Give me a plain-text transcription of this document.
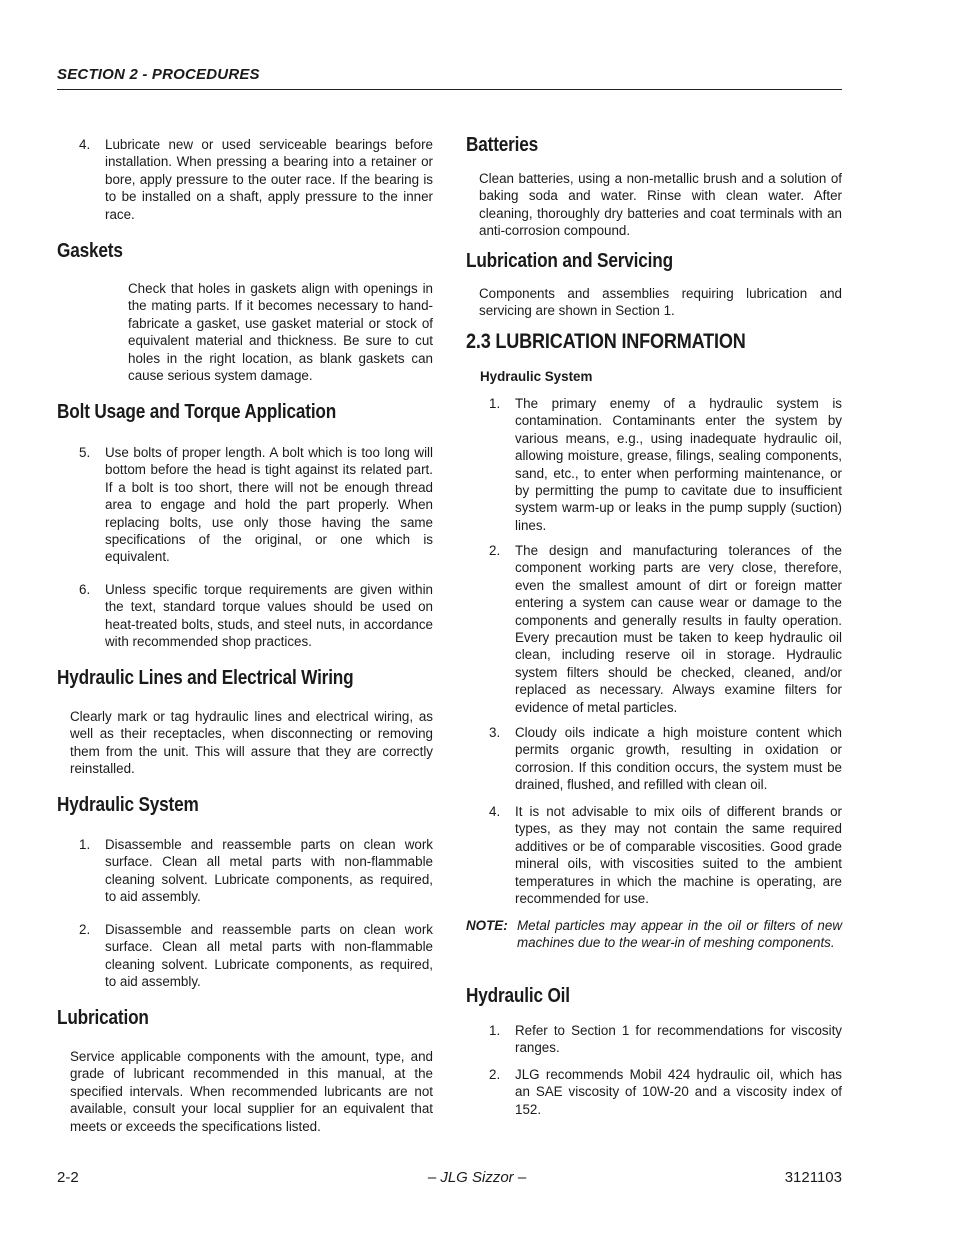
SECTION 2 - PROCEDURES
4. Lubricate new or used serviceable bearings before installation. When pressing a bearing into a retainer or bore, apply pressure to the outer race. If the bearing is to be installed on a shaft, apply pressure to the inner race.
Gaskets
Check that holes in gaskets align with openings in the mating parts. If it becomes necessary to hand-fabricate a gasket, use gasket material or stock of equivalent material and thickness. Be sure to cut holes in the right location, as blank gaskets can cause serious system damage.
Bolt Usage and Torque Application
5. Use bolts of proper length. A bolt which is too long will bottom before the head is tight against its related part. If a bolt is too short, there will not be enough thread area to engage and hold the part properly. When replacing bolts, use only those having the same specifications of the original, or one which is equivalent.
6. Unless specific torque requirements are given within the text, standard torque values should be used on heat-treated bolts, studs, and steel nuts, in accordance with recommended shop practices.
Hydraulic Lines and Electrical Wiring
Clearly mark or tag hydraulic lines and electrical wiring, as well as their receptacles, when disconnecting or removing them from the unit. This will assure that they are correctly reinstalled.
Hydraulic System
1. Disassemble and reassemble parts on clean work surface. Clean all metal parts with non-flammable cleaning solvent. Lubricate components, as required, to aid assembly.
2. Disassemble and reassemble parts on clean work surface. Clean all metal parts with non-flammable cleaning solvent. Lubricate components, as required, to aid assembly.
Lubrication
Service applicable components with the amount, type, and grade of lubricant recommended in this manual, at the specified intervals. When recommended lubricants are not available, consult your local supplier for an equivalent that meets or exceeds the specifications listed.
Batteries
Clean batteries, using a non-metallic brush and a solution of baking soda and water. Rinse with clean water. After cleaning, thoroughly dry batteries and coat terminals with an anti-corrosion compound.
Lubrication and Servicing
Components and assemblies requiring lubrication and servicing are shown in Section 1.
2.3 LUBRICATION INFORMATION
Hydraulic System
1. The primary enemy of a hydraulic system is contamination. Contaminants enter the system by various means, e.g., using inadequate hydraulic oil, allowing moisture, grease, filings, sealing components, sand, etc., to enter when performing maintenance, or by permitting the pump to cavitate due to insufficient system warm-up or leaks in the pump supply (suction) lines.
2. The design and manufacturing tolerances of the component working parts are very close, therefore, even the smallest amount of dirt or foreign matter entering a system can cause wear or damage to the components and generally results in faulty operation. Every precaution must be taken to keep hydraulic oil clean, including reserve oil in storage. Hydraulic system filters should be checked, cleaned, and/or replaced as necessary. Always examine filters for evidence of metal particles.
3. Cloudy oils indicate a high moisture content which permits organic growth, resulting in oxidation or corrosion. If this condition occurs, the system must be drained, flushed, and refilled with clean oil.
4. It is not advisable to mix oils of different brands or types, as they may not contain the same required additives or be of comparable viscosities. Good grade mineral oils, with viscosities suited to the ambient temperatures in which the machine is operating, are recommended for use.
NOTE: Metal particles may appear in the oil or filters of new machines due to the wear-in of meshing components.
Hydraulic Oil
1. Refer to Section 1 for recommendations for viscosity ranges.
2. JLG recommends Mobil 424 hydraulic oil, which has an SAE viscosity of 10W-20 and a viscosity index of 152.
2-2	– JLG Sizzor –	3121103
